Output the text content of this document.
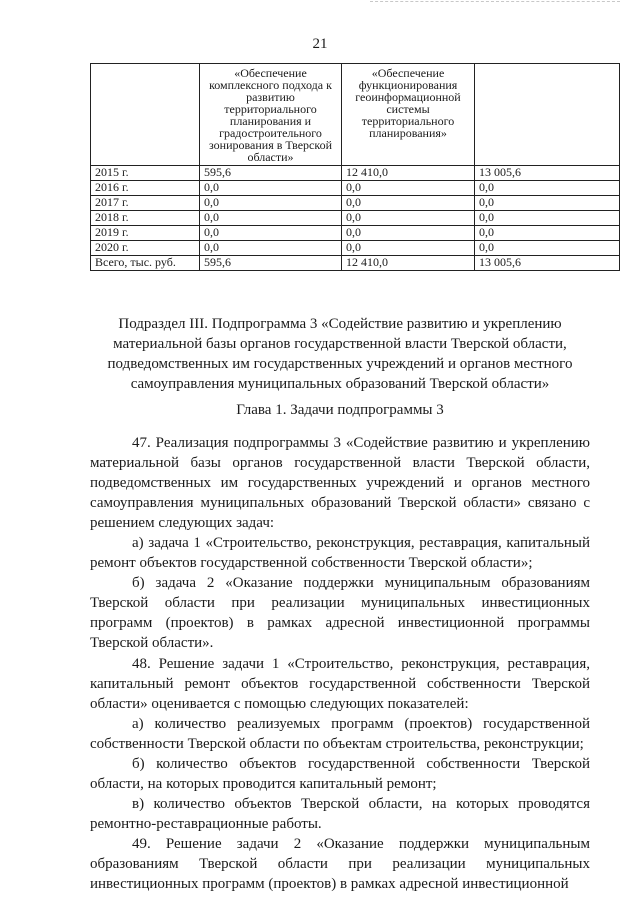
21
	«Обеспечение комплексного подхода к развитию территориального планирования и градостроительного зонирования в Тверской области»	«Обеспечение функционирования геоинформационной системы территориального планирования»	
2015 г.	595,6	12 410,0	13 005,6
2016 г.	0,0	0,0	0,0
2017 г.	0,0	0,0	0,0
2018 г.	0,0	0,0	0,0
2019 г.	0,0	0,0	0,0
2020 г.	0,0	0,0	0,0
Всего, тыс. руб.	595,6	12 410,0	13 005,6
Подраздел III. Подпрограмма 3 «Содействие развитию и укреплению материальной базы органов государственной власти Тверской области, подведомственных им государственных учреждений и органов местного самоуправления муниципальных образований Тверской области»
Глава 1. Задачи подпрограммы 3

47. Реализация подпрограммы 3 «Содействие развитию и укреплению материальной базы органов государственной власти Тверской области, подведомственных им государственных учреждений и органов местного самоуправления муниципальных образований Тверской области» связано с решением следующих задач:

а) задача 1 «Строительство, реконструкция, реставрация, капитальный ремонт объектов государственной собственности Тверской области»;

б) задача 2 «Оказание поддержки муниципальным образованиям Тверской области при реализации муниципальных инвестиционных программ (проектов) в рамках адресной инвестиционной программы Тверской области».

48. Решение задачи 1 «Строительство, реконструкция, реставрация, капитальный ремонт объектов государственной собственности Тверской области» оценивается с помощью следующих показателей:

а) количество реализуемых программ (проектов) государственной собственности Тверской области по объектам строительства, реконструкции;

б) количество объектов государственной собственности Тверской области, на которых проводится капитальный ремонт;

в) количество объектов Тверской области, на которых проводятся ремонтно-реставрационные работы.

49. Решение задачи 2 «Оказание поддержки муниципальным образованиям Тверской области при реализации муниципальных инвестиционных программ (проектов) в рамках адресной инвестиционной
